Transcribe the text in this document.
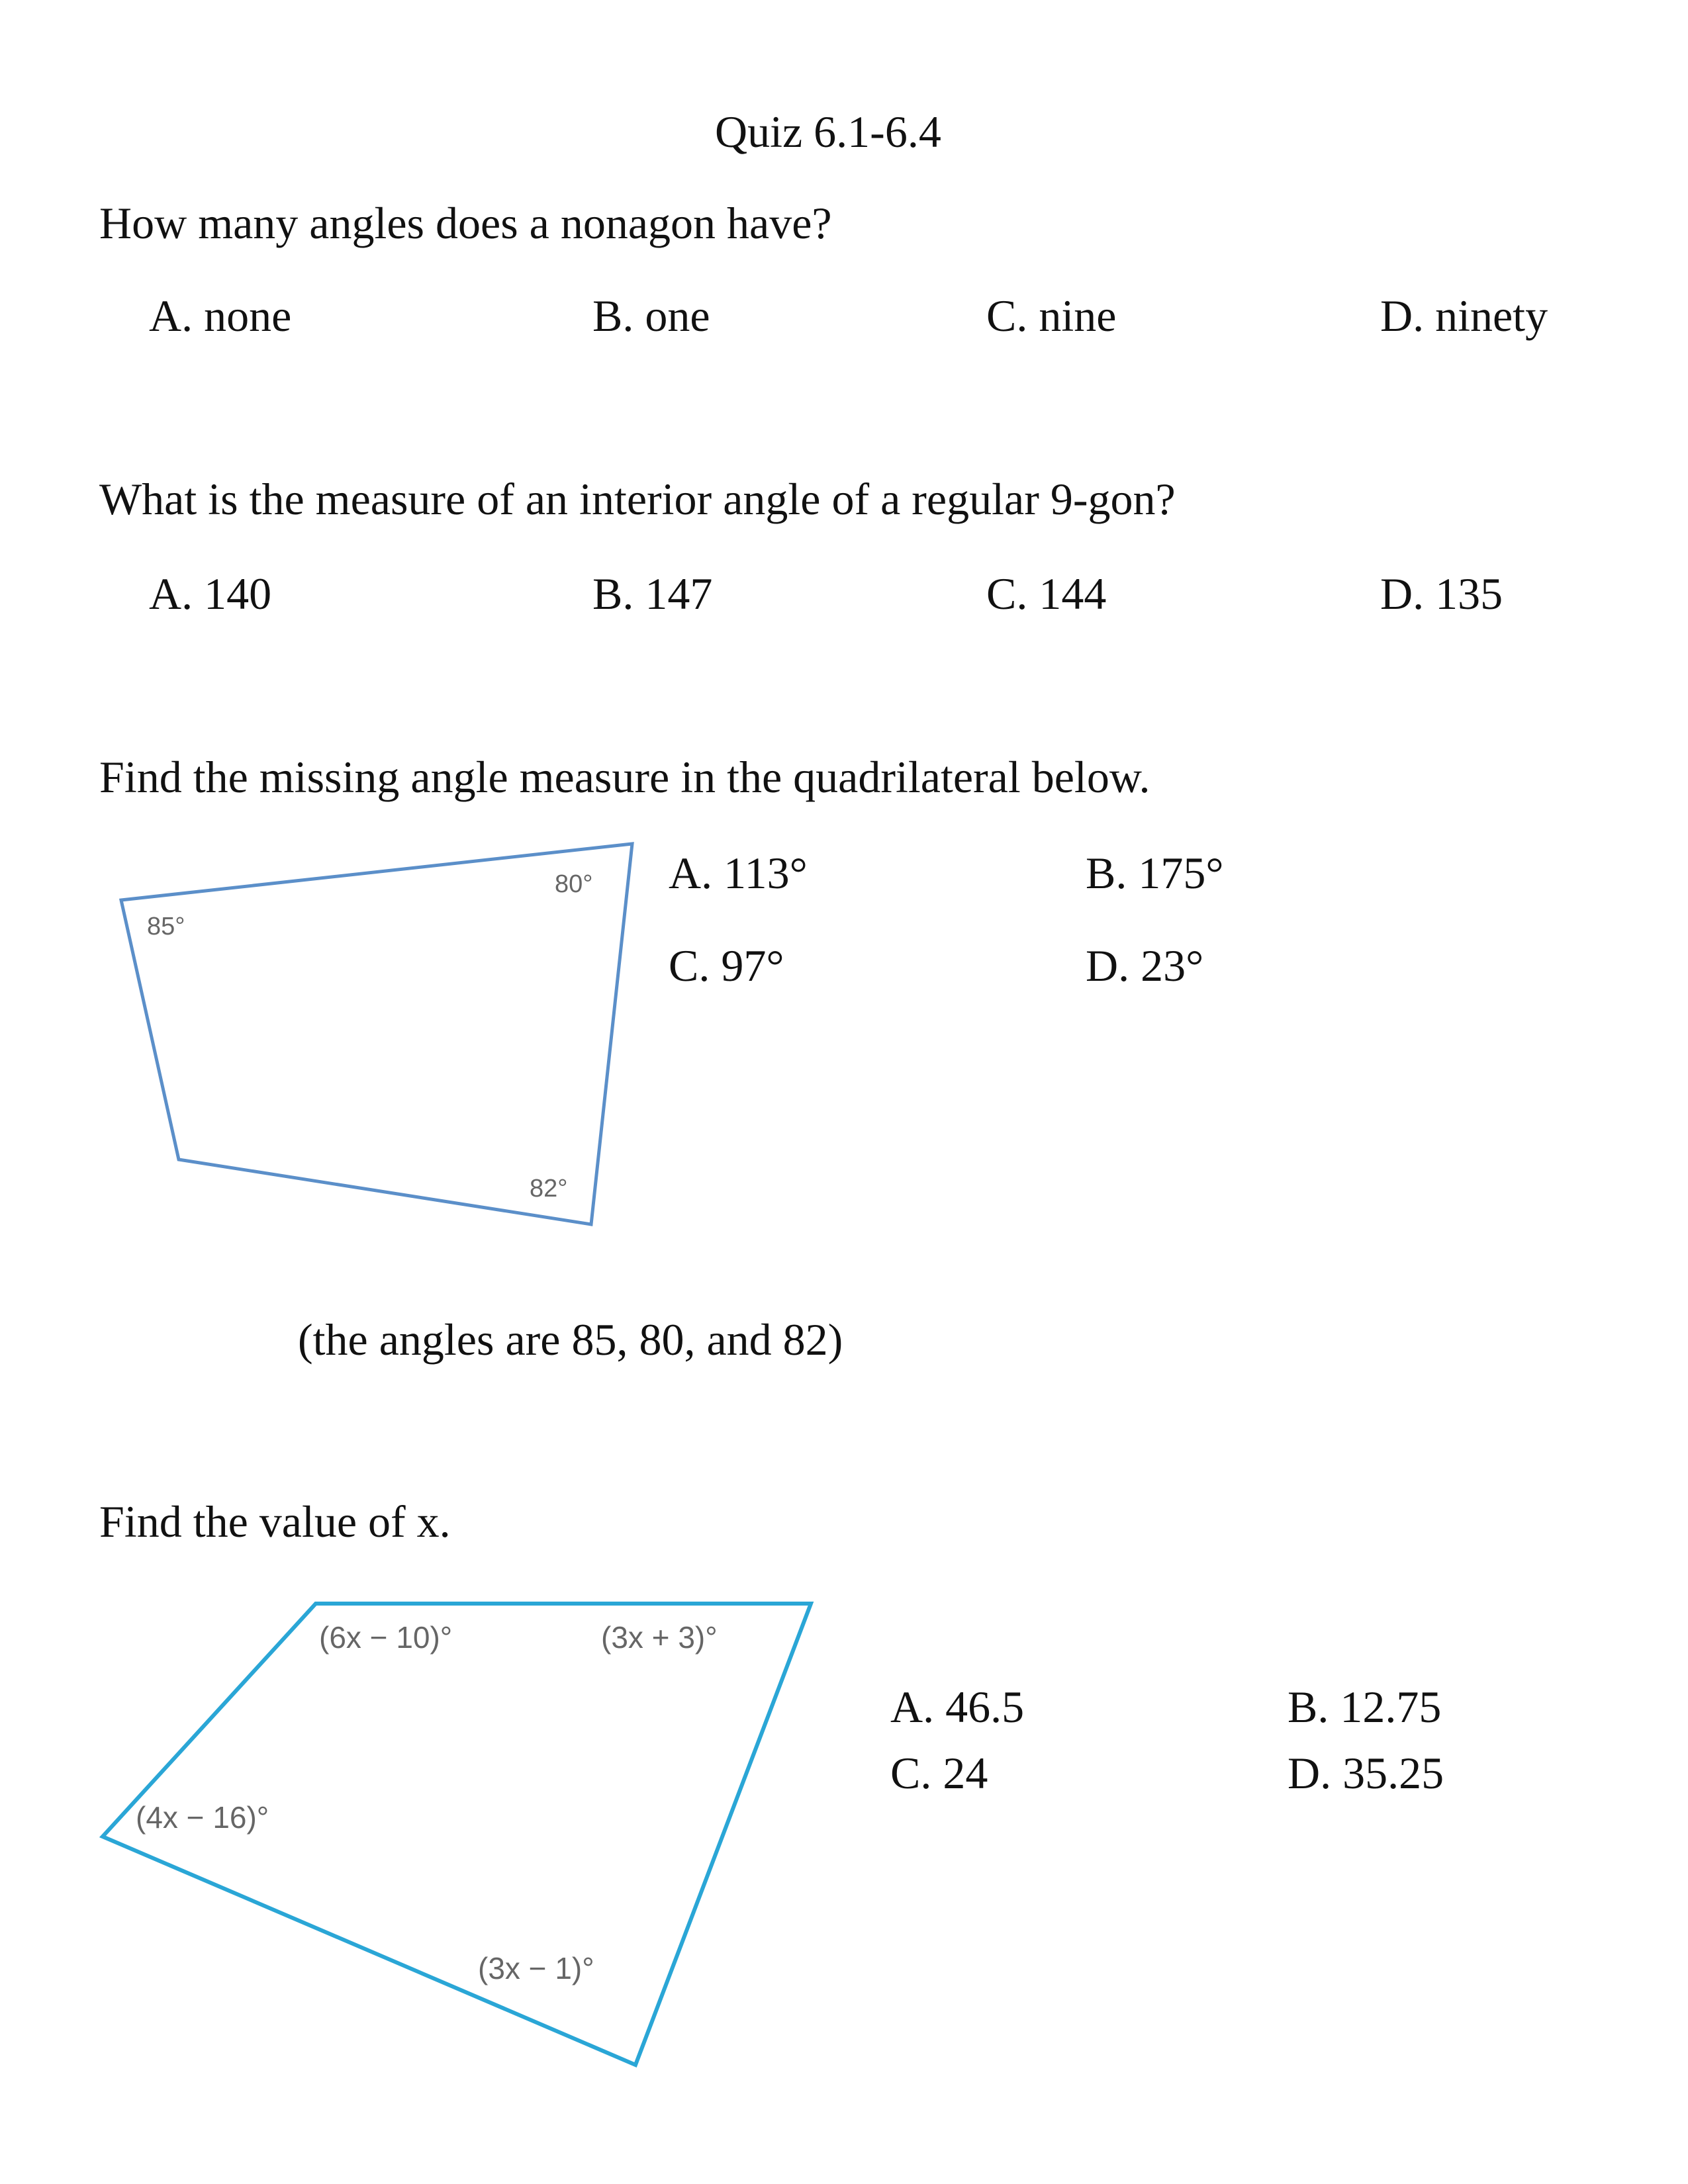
Quiz 6.1-6.4
How many angles does a nonagon have?
A. none	B. one	C. nine	D. ninety
What is the measure of an interior angle of a regular 9-gon?
A. 140	B. 147	C. 144	D. 135
Find the missing angle measure in the quadrilateral below.
85°
80°
82°
A. 113°	B. 175°
C. 97°	D. 23°
(the angles are 85, 80, and 82)
Find the value of x.
(6x − 10)°	(3x + 3)°
(4x − 16)°
(3x − 1)°
A. 46.5	B. 12.75
C. 24	D. 35.25
